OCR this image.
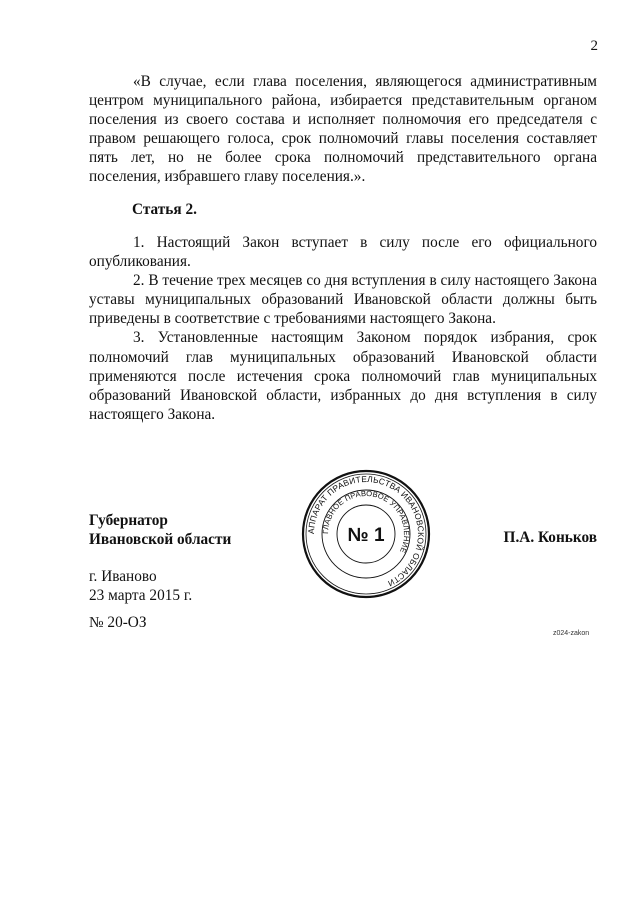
2

«В случае, если глава поселения, являющегося административным центром муниципального района, избирается представительным органом поселения из своего состава и исполняет полномочия его председателя с правом решающего голоса, срок полномочий главы поселения составляет пять лет, но не более срока полномочий представительного органа поселения, избравшего главу поселения.».

Статья 2.

1. Настоящий Закон вступает в силу после его официального опубликования.

2. В течение трех месяцев со дня вступления в силу настоящего Закона уставы муниципальных образований Ивановской области должны быть приведены в соответствие с требованиями настоящего Закона.

3. Установленные настоящим Законом порядок избрания, срок полномочий глав муниципальных образований Ивановской области применяются после истечения срока полномочий глав муниципальных образований Ивановской области, избранных до дня вступления в силу настоящего Закона.

Губернатор
Ивановской области	П.А. Коньков
АППАРАТ ПРАВИТЕЛЬСТВА ИВАНОВСКОЙ ОБЛАСТИ
ГЛАВНОЕ ПРАВОВОЕ УПРАВЛЕНИЕ
№ 1
г. Иваново
23 марта 2015 г.
№ 20-ОЗ
z024-zakon
